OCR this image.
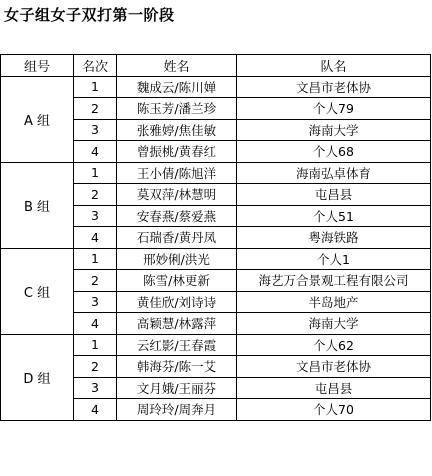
女子组女子双打第一阶段
组号	名次	姓名	队名
A 组	1	魏成云/陈川婵	文昌市老体协
	2	陈玉芳/潘兰珍	个人79
	3	张雅婷/焦佳敏	海南大学
	4	曾振桃/黄春红	个人68
B 组	1	王小倩/陈旭洋	海南弘卓体育
	2	莫双萍/林慧明	屯昌县
	3	安春燕/蔡爱燕	个人51
	4	石瑞香/黄丹凤	粤海铁路
C 组	1	邢妙俐/洪光	个人1
	2	陈雪/林更新	海艺万合景观工程有限公司
	3	黄佳欣/刘诗诗	半岛地产
	4	高颖慧/林露萍	海南大学
D 组	1	云红影/王春霞	个人62
	2	韩海芬/陈一艾	文昌市老体协
	3	文月娥/王丽芬	屯昌县
	4	周玲玲/周奔月	个人70
